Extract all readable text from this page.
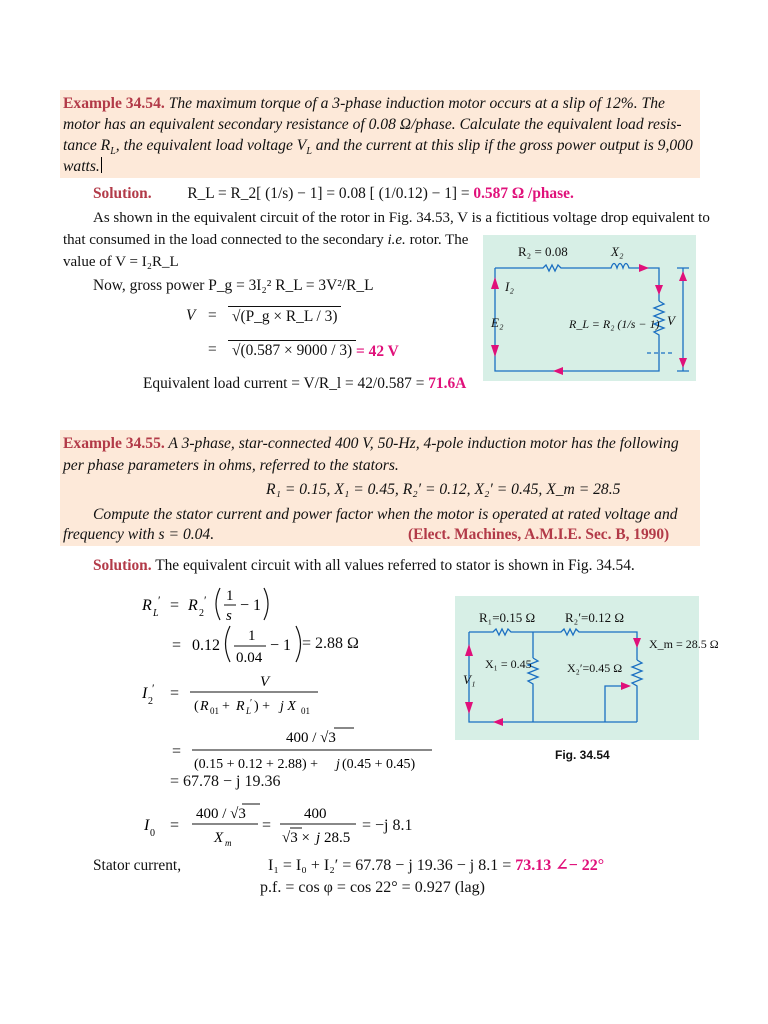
Example 34.54. The maximum torque of a 3-phase induction motor occurs at a slip of 12%. The
motor has an equivalent secondary resistance of 0.08 Ω/phase. Calculate the equivalent load resis-
tance $R_L$, the equivalent load voltage $V_L$ and the current at this slip if the gross power output is 9,000
watts.
Solution. R_L = R_2[ (1/s) − 1] = 0.08 [ (1/0.12) − 1] = 0.587 Ω /phase.
As shown in the equivalent circuit of the rotor in Fig. 34.53, V is a fictitious voltage drop equivalent to
that consumed in the load connected to the secondary i.e. rotor. The
value of V = I₂R_L
Now, gross power P_g = 3I₂² R_L = 3V²/R_L
V = √(P_g × R_L / 3)
= √(0.587 × 9000 / 3) = 42 V
Equivalent load current = V/R_l = 42/0.587 = 71.6A
R₂ = 0.08	X₂
I₂
E₂	R_L = R₂ (1/s − 1) V
Example 34.55. A 3-phase, star-connected 400 V, 50-Hz, 4-pole induction motor has the following
per phase parameters in ohms, referred to the stators.
R₁ = 0.15, X₁ = 0.45, R₂′ = 0.12, X₂′ = 0.45, X_m = 28.5
Compute the stator current and power factor when the motor is operated at rated voltage and
frequency with s = 0.04.	(Elect. Machines, A.M.I.E. Sec. B, 1990)
Solution. The equivalent circuit with all values referred to stator is shown in Fig. 34.54.
R L
′ = R 2
′ 1
s
− 1
= 0.12
1
0.04
− 1 = 2.88 Ω
I 2
′ =
V
( R 01 + R L
′ ) + j X 01
=
400 / √3
(0.15 + 0.12 + 2.88) + j (0.45 + 0.45)
= 67.78 − j 19.36
I 0 =
400 / √3
X m
=
400
√3 × j 28.5
= −j 8.1
Stator current,	I₁ = I₀ + I₂′ = 67.78 − j 19.36 − j 8.1 = 73.13 ∠− 22°
p.f. = cos φ = cos 22° = 0.927 (lag)
R₁=0.15 Ω R₂′=0.12 Ω
X_m = 28.5 Ω
X₁ = 0.45
V₁
X₂′=0.45 Ω
Fig. 34.54
